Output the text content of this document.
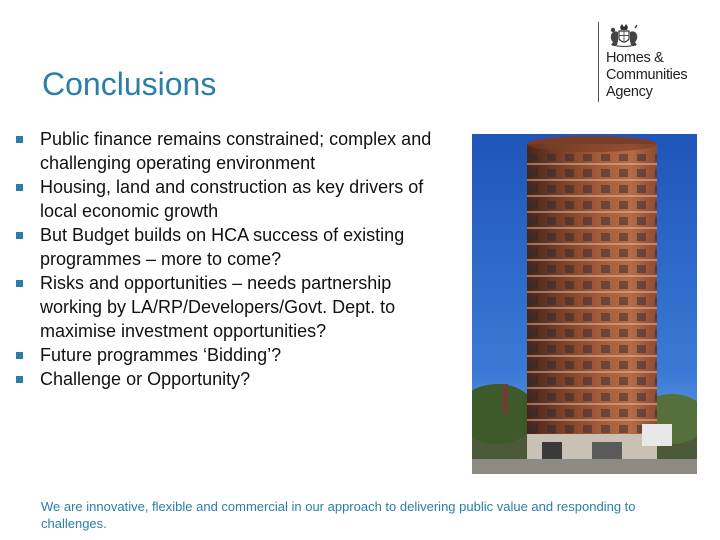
Conclusions
Homes &
Communities
Agency
Public finance remains constrained; complex and challenging operating environment
Housing, land and construction as key drivers of local economic growth
But Budget builds on HCA success of existing programmes – more to come?
Risks and opportunities – needs partnership working by LA/RP/Developers/Govt. Dept. to maximise investment opportunities?
Future programmes ‘Bidding’?
Challenge or Opportunity?
We are innovative, flexible and commercial in our approach to delivering public value and responding to challenges.
